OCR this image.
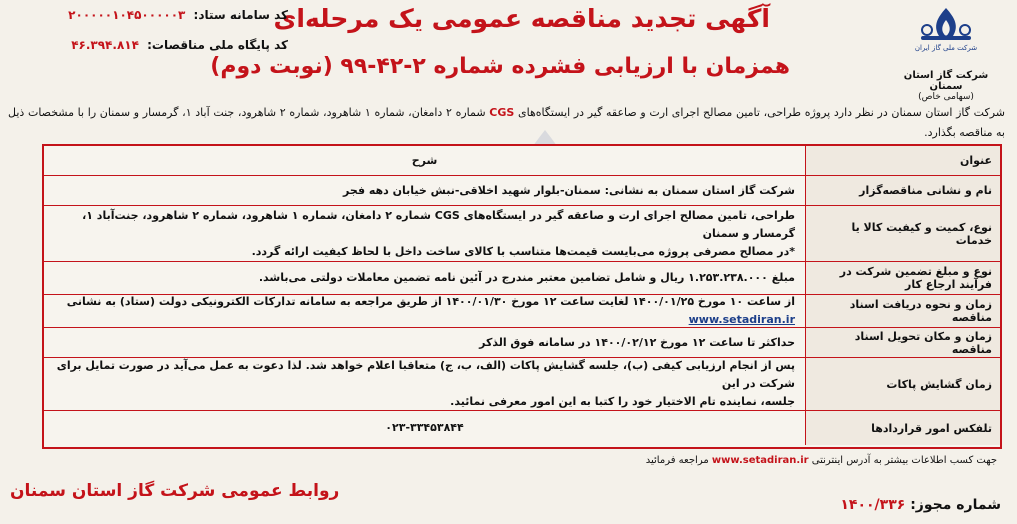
شرکت ملی گاز ایران
شرکت گاز استان سمنان
(سهامی خاص)
آگهی تجدید مناقصه عمومی یک مرحله‌ای
همزمان با ارزیابی فشرده شماره ۲-۴۲-۹۹ (نوبت دوم)
کد سامانه ستاد: ۲۰۰۰۰۰۱۰۴۵۰۰۰۰۰۳
کد پایگاه ملی مناقصات: ۴۶.۳۹۴.۸۱۴
شرکت گاز استان سمنان در نظر دارد پروژه طراحی، تامین مصالح اجرای ارت و صاعقه گیر در ایستگاه‌های CGS شماره ۲ دامغان، شماره ۱ شاهرود، شماره ۲ شاهرود، جنت آباد ۱، گرمسار و سمنان را با مشخصات ذیل به مناقصه بگذارد.
عنوان
شرح
نام و نشانی مناقصه‌گزار
شرکت گاز استان سمنان به نشانی: سمنان-بلوار شهید اخلاقی-نبش خیابان دهه فجر
نوع، کمیت و کیفیت کالا یا خدمات
طراحی، تامین مصالح اجرای ارت و صاعقه گیر در ایستگاه‌های CGS شماره ۲ دامغان، شماره ۱ شاهرود، شماره ۲ شاهرود، جنت‌آباد ۱، گرمسار و سمنان
*در مصالح مصرفی پروژه می‌بایست قیمت‌ها متناسب با کالای ساخت داخل با لحاظ کیفیت ارائه گردد.
نوع و مبلغ تضمین شرکت در فرآیند ارجاع کار
مبلغ ۱.۲۵۳.۲۳۸.۰۰۰ ریال و شامل تضامین معتبر مندرج در آئین نامه تضمین معاملات دولتی می‌باشد.
زمان و نحوه دریافت اسناد مناقصه
از ساعت ۱۰ مورخ ۱۴۰۰/۰۱/۲۵ لغایت ساعت ۱۲ مورخ ۱۴۰۰/۰۱/۳۰ از طریق مراجعه به سامانه تدارکات الکترونیکی دولت (ستاد) به نشانی www.setadiran.ir
زمان و مکان تحویل اسناد مناقصه
حداکثر تا ساعت ۱۲ مورخ ۱۴۰۰/۰۲/۱۲ در سامانه فوق الذکر
زمان گشایش پاکات
پس از انجام ارزیابی کیفی (ب)، جلسه گشایش پاکات (الف، ب، ج) متعاقبا اعلام خواهد شد. لذا دعوت به عمل می‌آید در صورت تمایل برای شرکت در این
جلسه، نماینده تام الاختیار خود را کتبا به این امور معرفی نمائید.
تلفکس امور قراردادها
۰۲۳-۳۳۴۵۳۸۴۴
جهت کسب اطلاعات بیشتر به آدرس اینترنتی www.setadiran.ir مراجعه فرمائید
شماره مجوز: ۱۴۰۰/۳۳۶
روابط عمومی شرکت گاز استان سمنان
